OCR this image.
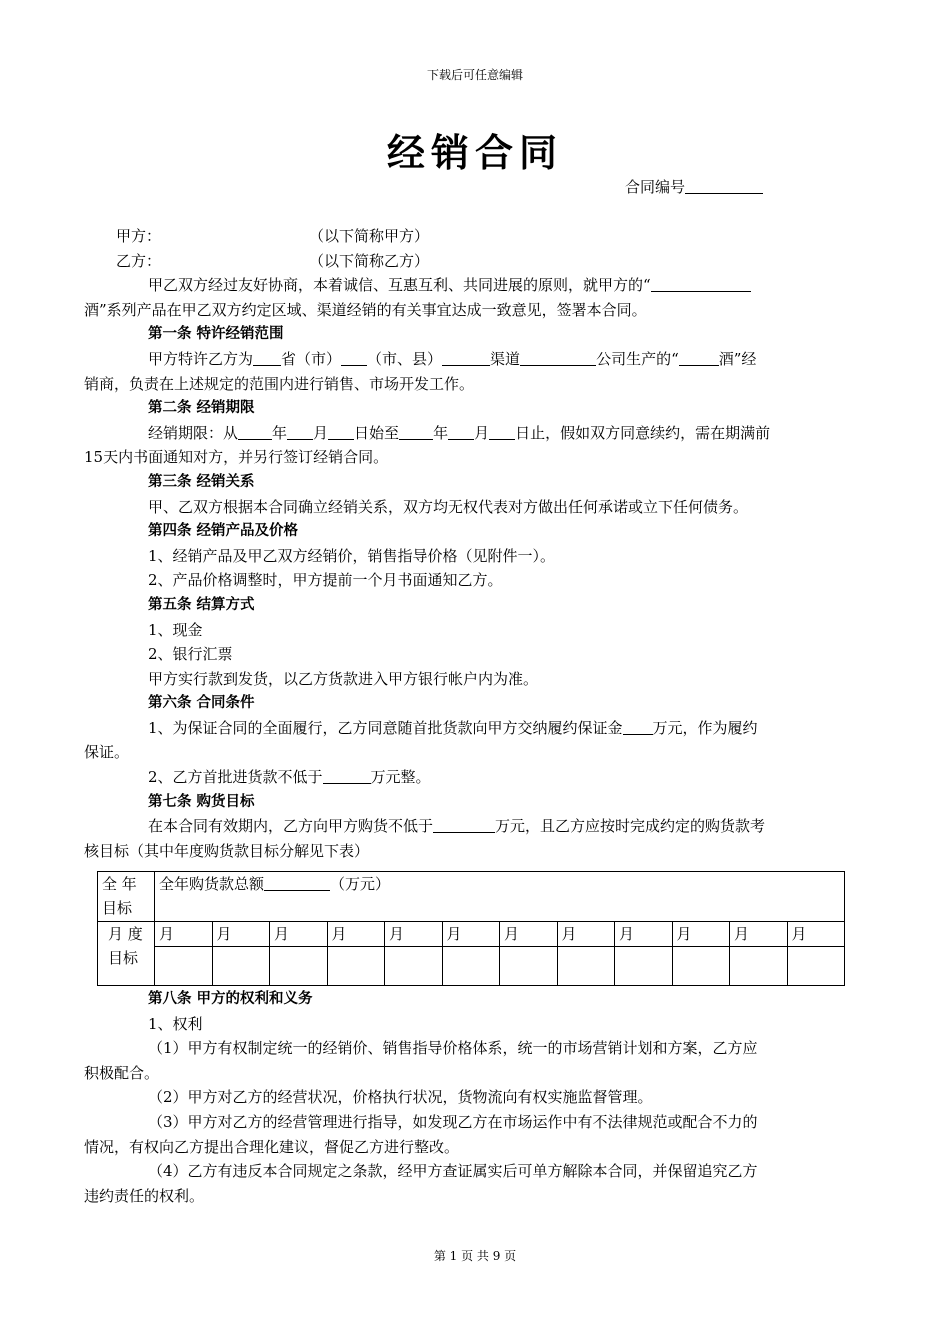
下载后可任意编辑
经销合同
合同编号

甲方：	（以下简称甲方）

乙方：	（以下简称乙方）

甲乙双方经过友好协商，本着诚信、互惠互利、共同进展的原则，就甲方的“
酒”系列产品在甲乙双方约定区域、渠道经销的有关事宜达成一致意见，签署本合同。

第一条 特许经销范围

甲方特许乙方为 省（市） （市、县）	渠道	公司生产的“	酒”经
销商，负责在上述规定的范围内进行销售、市场开发工作。

第二条 经销期限

经销期限：从 年 月 日始至 年 月 日止，假如双方同意续约，需在期满前
15天内书面通知对方，并另行签订经销合同。

第三条 经销关系

甲、乙双方根据本合同确立经销关系，双方均无权代表对方做出任何承诺或立下任何债务。

第四条 经销产品及价格

1、经销产品及甲乙双方经销价，销售指导价格（见附件一）。

2、产品价格调整时，甲方提前一个月书面通知乙方。

第五条 结算方式

1、现金

2、银行汇票

甲方实行款到发货，以乙方货款进入甲方银行帐户内为准。

第六条 合同条件

1、为保证合同的全面履行，乙方同意随首批货款向甲方交纳履约保证金 万元，作为履约
保证。

2、乙方首批进货款不低于	万元整。

第七条 购货目标

在本合同有效期内，乙方向甲方购货不低于	万元，且乙方应按时完成约定的购货款考
核目标（其中年度购货款目标分解见下表）

全 年目标	全年购货款总额 （万元）											
月 度目标	月	月	月	月	月	月	月	月	月	月	月	月

第八条 甲方的权利和义务

1、权利

（1）甲方有权制定统一的经销价、销售指导价格体系，统一的市场营销计划和方案，乙方应
积极配合。

（2）甲方对乙方的经营状况，价格执行状况，货物流向有权实施监督管理。

（3）甲方对乙方的经营管理进行指导，如发现乙方在市场运作中有不法律规范或配合不力的
情况，有权向乙方提出合理化建议，督促乙方进行整改。

（4）乙方有违反本合同规定之条款，经甲方查证属实后可单方解除本合同，并保留追究乙方
违约责任的权利。

第 1 页 共 9 页
